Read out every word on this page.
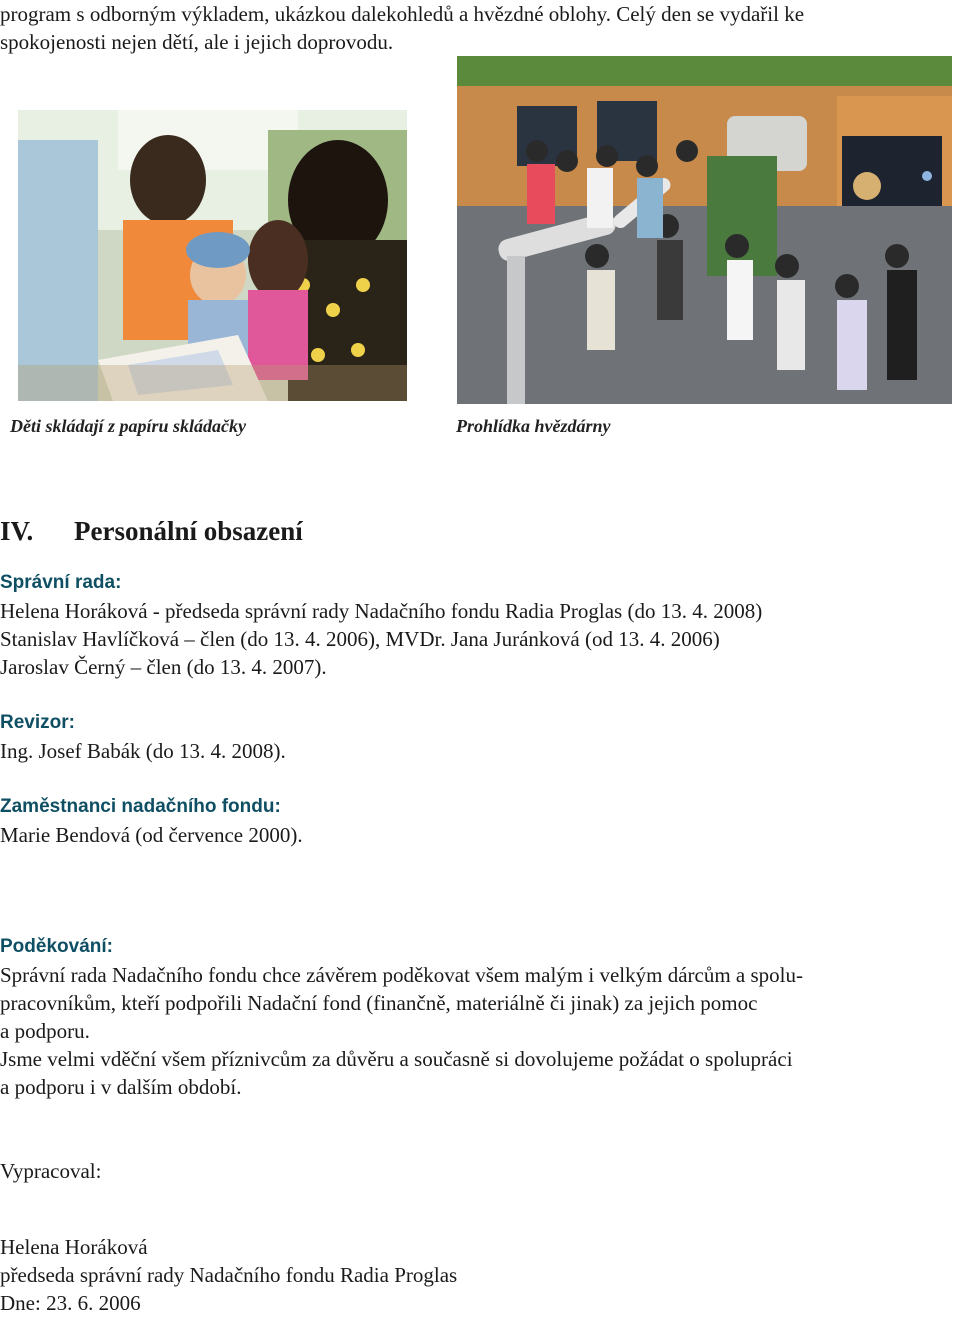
program s odborným výkladem, ukázkou dalekohledů a hvězdné oblohy. Celý den se vydařil ke

spokojenosti nejen dětí, ale i jejich doprovodu.

Děti skládají z papíru skládačky	Prohlídka hvězdárny
IV. Personální obsazení

Správní rada:

Helena Horáková - předseda správní rady Nadačního fondu Radia Proglas (do 13. 4. 2008)

Stanislav Havlíčková – člen (do 13. 4. 2006), MVDr. Jana Juránková (od 13. 4. 2006)

Jaroslav Černý – člen (do 13. 4. 2007).

Revizor:

Ing. Josef Babák (do 13. 4. 2008).

Zaměstnanci nadačního fondu:

Marie Bendová (od července 2000).

Poděkování:

Správní rada Nadačního fondu chce závěrem poděkovat všem malým i velkým dárcům a spolu-

pracovníkům, kteří podpořili Nadační fond (finančně, materiálně či jinak) za jejich pomoc

a podporu.

Jsme velmi vděční všem příznivcům za důvěru a současně si dovolujeme požádat o spolupráci

a podporu i v dalším období.

Vypracoval:

Helena Horáková

předseda správní rady Nadačního fondu Radia Proglas

Dne: 23. 6. 2006
